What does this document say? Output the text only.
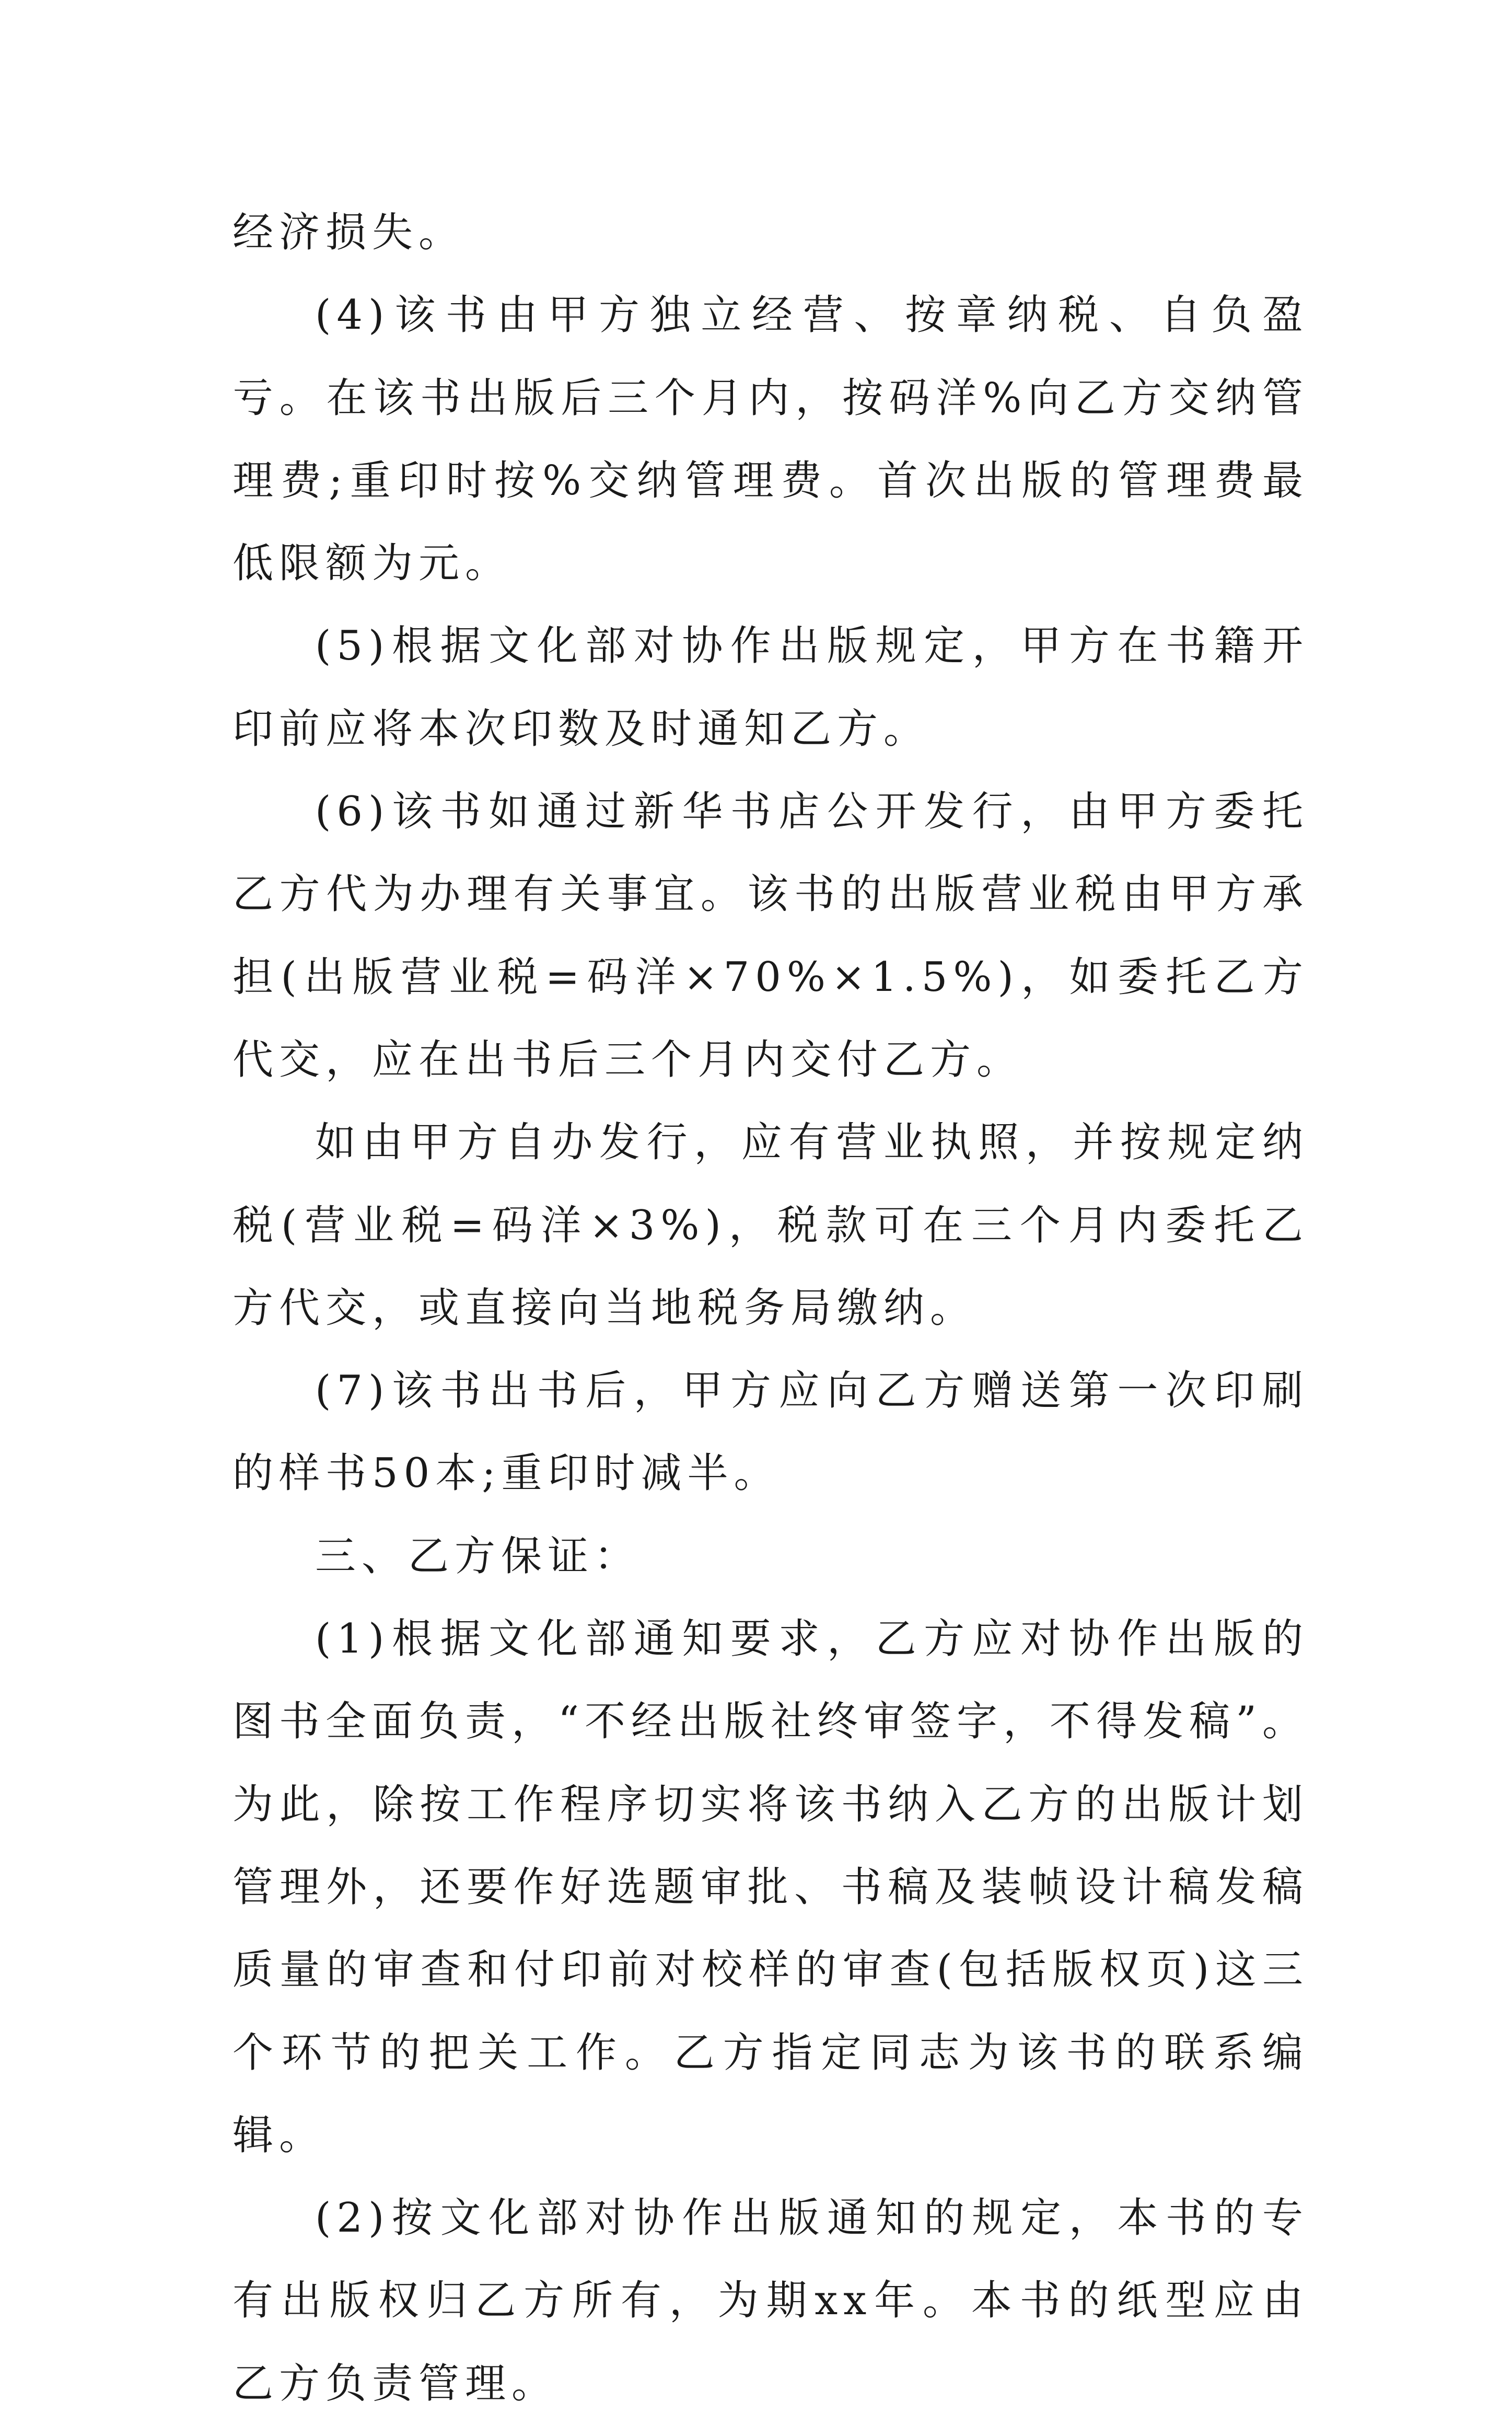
经济损失。

(4)该书由甲方独立经营、按章纳税、自负盈亏。在该书出版后三个月内，按码洋%向乙方交纳管理费;重印时按%交纳管理费。首次出版的管理费最低限额为元。

(5)根据文化部对协作出版规定，甲方在书籍开印前应将本次印数及时通知乙方。

(6)该书如通过新华书店公开发行，由甲方委托乙方代为办理有关事宜。该书的出版营业税由甲方承担(出版营业税=码洋×70%×1.5%)，如委托乙方代交，应在出书后三个月内交付乙方。

如由甲方自办发行，应有营业执照，并按规定纳税(营业税=码洋×3%)，税款可在三个月内委托乙方代交，或直接向当地税务局缴纳。

(7)该书出书后，甲方应向乙方赠送第一次印刷的样书50本;重印时减半。

三、乙方保证：

(1)根据文化部通知要求，乙方应对协作出版的图书全面负责，“不经出版社终审签字，不得发稿”。为此，除按工作程序切实将该书纳入乙方的出版计划管理外，还要作好选题审批、书稿及装帧设计稿发稿质量的审查和付印前对校样的审查(包括版权页)这三个环节的把关工作。乙方指定同志为该书的联系编辑。

(2)按文化部对协作出版通知的规定，本书的专有出版权归乙方所有，为期xx年。本书的纸型应由乙方负责管理。
